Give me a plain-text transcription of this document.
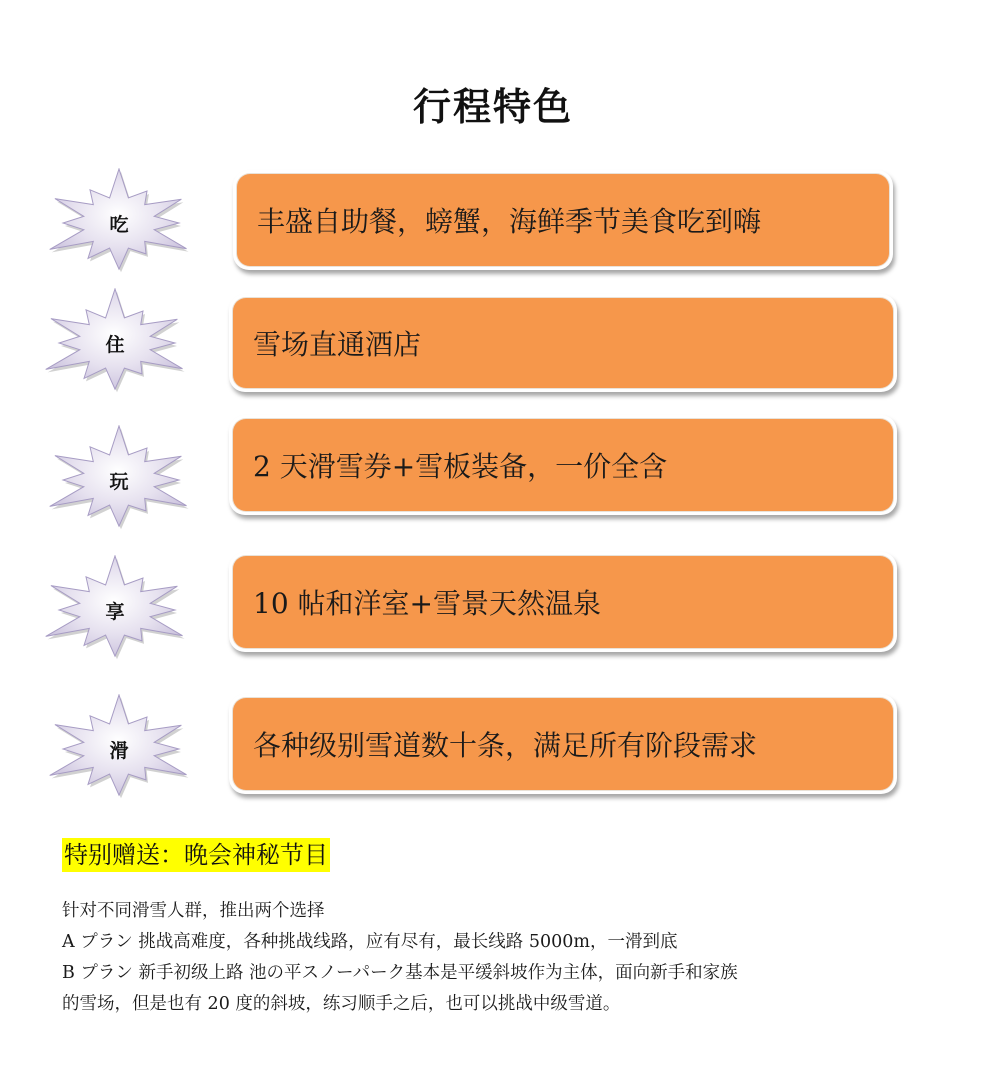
行程特色
吃	丰盛自助餐，螃蟹，海鲜季节美食吃到嗨
住	雪场直通酒店
玩	2 天滑雪券+雪板装备，一价全含
享	10 帖和洋室+雪景天然温泉
滑	各种级别雪道数十条，满足所有阶段需求
特别赠送：晚会神秘节目

针对不同滑雪人群，推出两个选择

A プラン 挑战高难度，各种挑战线路，应有尽有，最长线路 5000m，一滑到底

B プラン 新手初级上路 池の平スノーパーク基本是平缓斜坡作为主体，面向新手和家族

的雪场，但是也有 20 度的斜坡，练习顺手之后，也可以挑战中级雪道。
